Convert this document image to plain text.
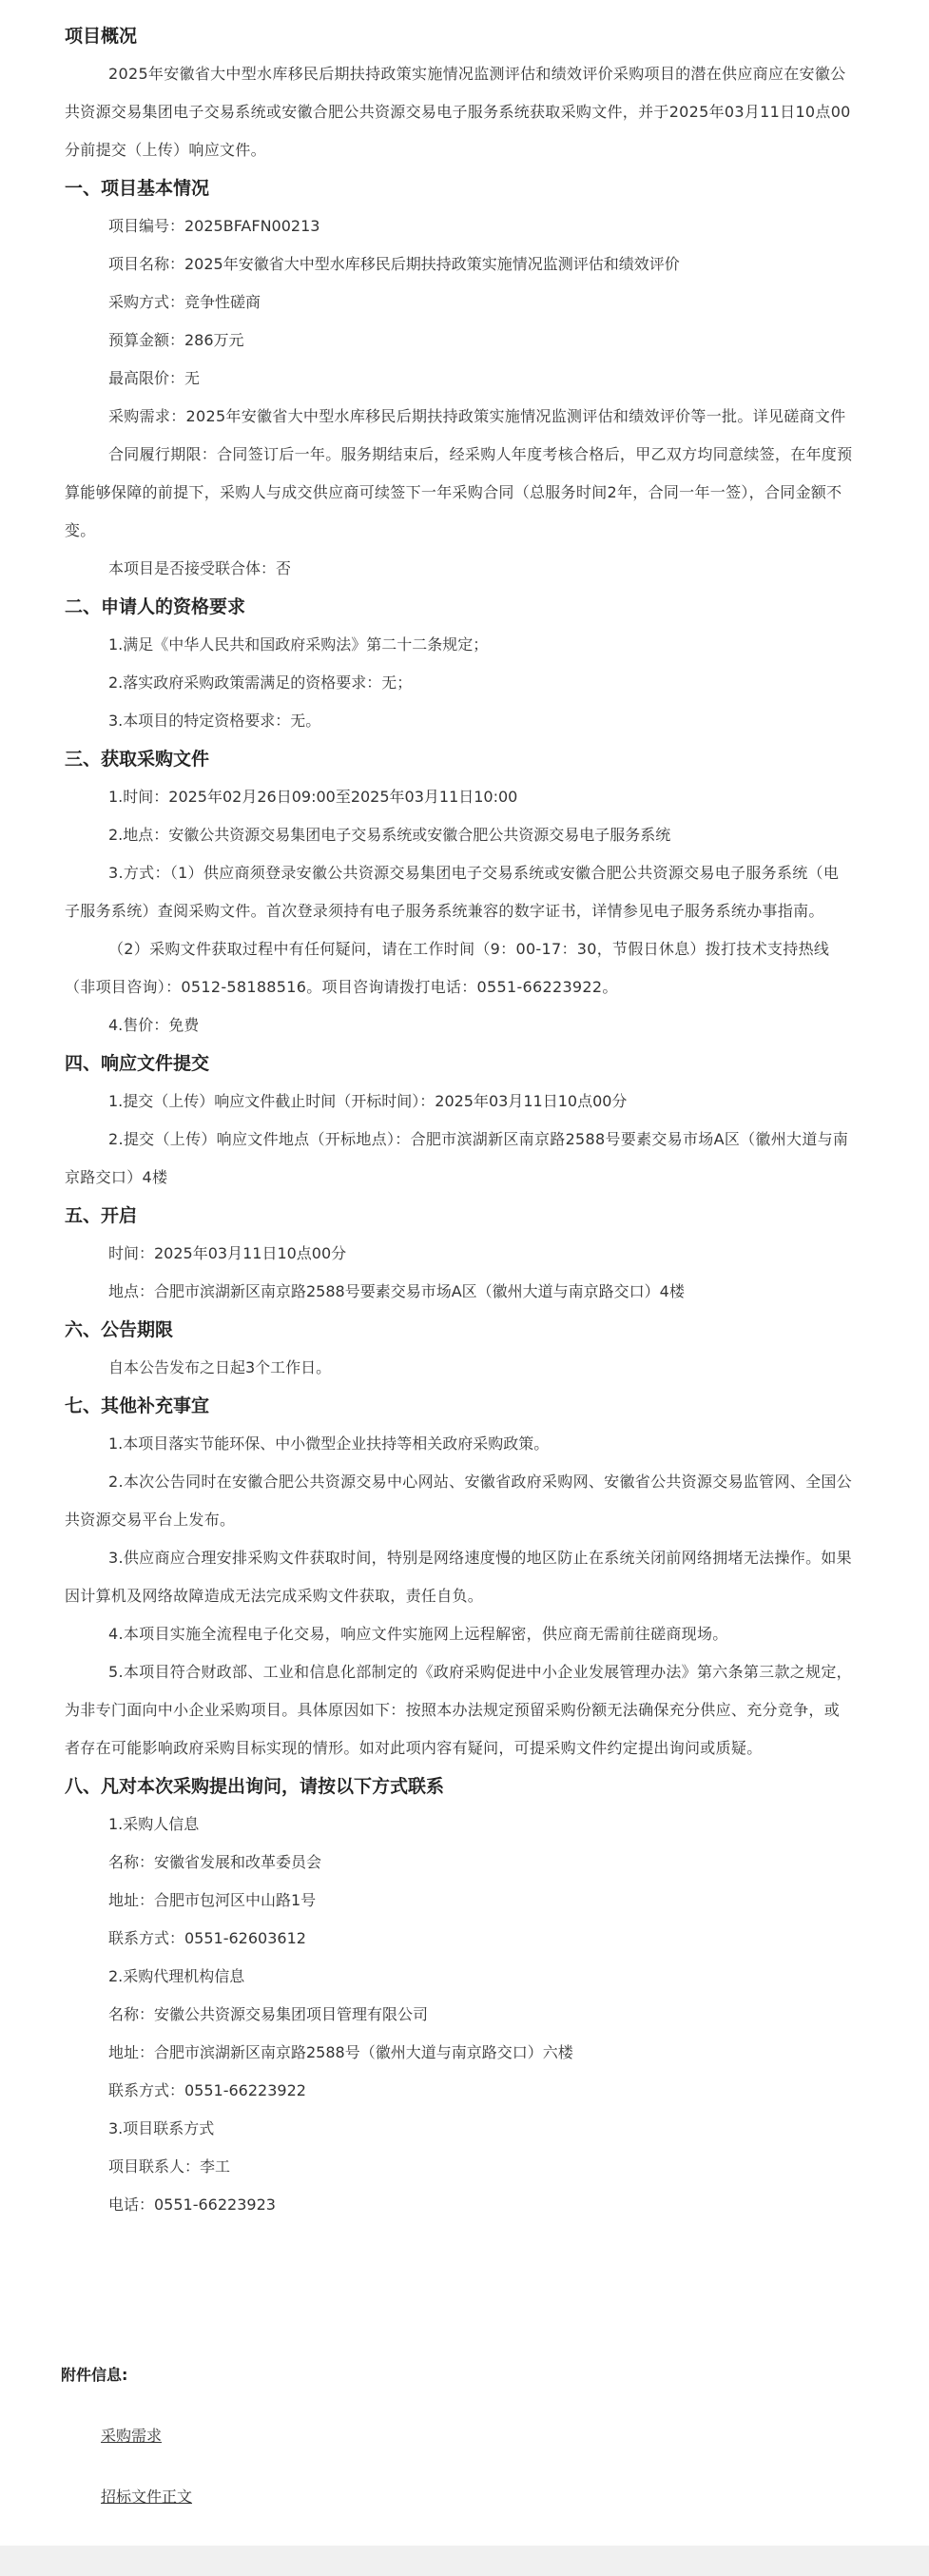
项目概况
2025年安徽省大中型水库移民后期扶持政策实施情况监测评估和绩效评价采购项目的潜在供应商应在安徽公共资源交易集团电子交易系统或安徽合肥公共资源交易电子服务系统获取采购文件，并于2025年03月11日10点00分前提交（上传）响应文件。
一、项目基本情况
项目编号：2025BFAFN00213
项目名称：2025年安徽省大中型水库移民后期扶持政策实施情况监测评估和绩效评价
采购方式：竞争性磋商
预算金额：286万元
最高限价：无
采购需求：2025年安徽省大中型水库移民后期扶持政策实施情况监测评估和绩效评价等一批。详见磋商文件
合同履行期限：合同签订后一年。服务期结束后，经采购人年度考核合格后，甲乙双方均同意续签，在年度预算能够保障的前提下，采购人与成交供应商可续签下一年采购合同（总服务时间2年，合同一年一签），合同金额不变。
本项目是否接受联合体：否
二、申请人的资格要求
1.满足《中华人民共和国政府采购法》第二十二条规定；
2.落实政府采购政策需满足的资格要求：无；
3.本项目的特定资格要求：无。
三、获取采购文件
1.时间：2025年02月26日09:00至2025年03月11日10:00
2.地点：安徽公共资源交易集团电子交易系统或安徽合肥公共资源交易电子服务系统
3.方式：（1）供应商须登录安徽公共资源交易集团电子交易系统或安徽合肥公共资源交易电子服务系统（电子服务系统）查阅采购文件。首次登录须持有电子服务系统兼容的数字证书，详情参见电子服务系统办事指南。
（2）采购文件获取过程中有任何疑问，请在工作时间（9：00-17：30，节假日休息）拨打技术支持热线（非项目咨询）：0512-58188516。项目咨询请拨打电话：0551-66223922。
4.售价：免费
四、响应文件提交
1.提交（上传）响应文件截止时间（开标时间）：2025年03月11日10点00分
2.提交（上传）响应文件地点（开标地点）：合肥市滨湖新区南京路2588号要素交易市场A区（徽州大道与南京路交口）4楼
五、开启
时间：2025年03月11日10点00分
地点：合肥市滨湖新区南京路2588号要素交易市场A区（徽州大道与南京路交口）4楼
六、公告期限
自本公告发布之日起3个工作日。
七、其他补充事宜
1.本项目落实节能环保、中小微型企业扶持等相关政府采购政策。
2.本次公告同时在安徽合肥公共资源交易中心网站、安徽省政府采购网、安徽省公共资源交易监管网、全国公共资源交易平台上发布。
3.供应商应合理安排采购文件获取时间，特别是网络速度慢的地区防止在系统关闭前网络拥堵无法操作。如果因计算机及网络故障造成无法完成采购文件获取，责任自负。
4.本项目实施全流程电子化交易，响应文件实施网上远程解密，供应商无需前往磋商现场。
5.本项目符合财政部、工业和信息化部制定的《政府采购促进中小企业发展管理办法》第六条第三款之规定，为非专门面向中小企业采购项目。具体原因如下：按照本办法规定预留采购份额无法确保充分供应、充分竞争，或者存在可能影响政府采购目标实现的情形。如对此项内容有疑问，可提采购文件约定提出询问或质疑。
八、凡对本次采购提出询问，请按以下方式联系
1.采购人信息
名称：安徽省发展和改革委员会
地址：合肥市包河区中山路1号
联系方式：0551-62603612
2.采购代理机构信息
名称：安徽公共资源交易集团项目管理有限公司
地址：合肥市滨湖新区南京路2588号（徽州大道与南京路交口）六楼
联系方式：0551-66223922
3.项目联系方式
项目联系人：李工
电话：0551-66223923
附件信息:
采购需求
招标文件正文
